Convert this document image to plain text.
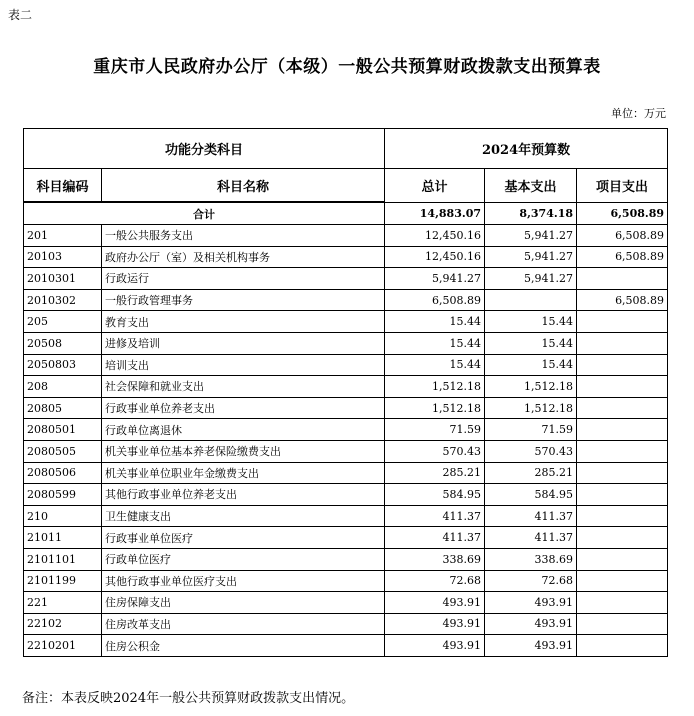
表二
重庆市人民政府办公厅（本级）一般公共预算财政拨款支出预算表
单位：万元
功能分类科目		2024年预算数		
科目编码	科目名称	总计	基本支出	项目支出
合计		14,883.07	8,374.18	6,508.89
201	一般公共服务支出	12,450.16	5,941.27	6,508.89
20103	政府办公厅（室）及相关机构事务	12,450.16	5,941.27	6,508.89
2010301	行政运行	5,941.27	5,941.27	
2010302	一般行政管理事务	6,508.89		6,508.89
205	教育支出	15.44	15.44	
20508	进修及培训	15.44	15.44	
2050803	培训支出	15.44	15.44	
208	社会保障和就业支出	1,512.18	1,512.18	
20805	行政事业单位养老支出	1,512.18	1,512.18	
2080501	行政单位离退休	71.59	71.59	
2080505	机关事业单位基本养老保险缴费支出	570.43	570.43	
2080506	机关事业单位职业年金缴费支出	285.21	285.21	
2080599	其他行政事业单位养老支出	584.95	584.95	
210	卫生健康支出	411.37	411.37	
21011	行政事业单位医疗	411.37	411.37	
2101101	行政单位医疗	338.69	338.69	
2101199	其他行政事业单位医疗支出	72.68	72.68	
221	住房保障支出	493.91	493.91	
22102	住房改革支出	493.91	493.91	
2210201	住房公积金	493.91	493.91	
备注：本表反映2024年一般公共预算财政拨款支出情况。
